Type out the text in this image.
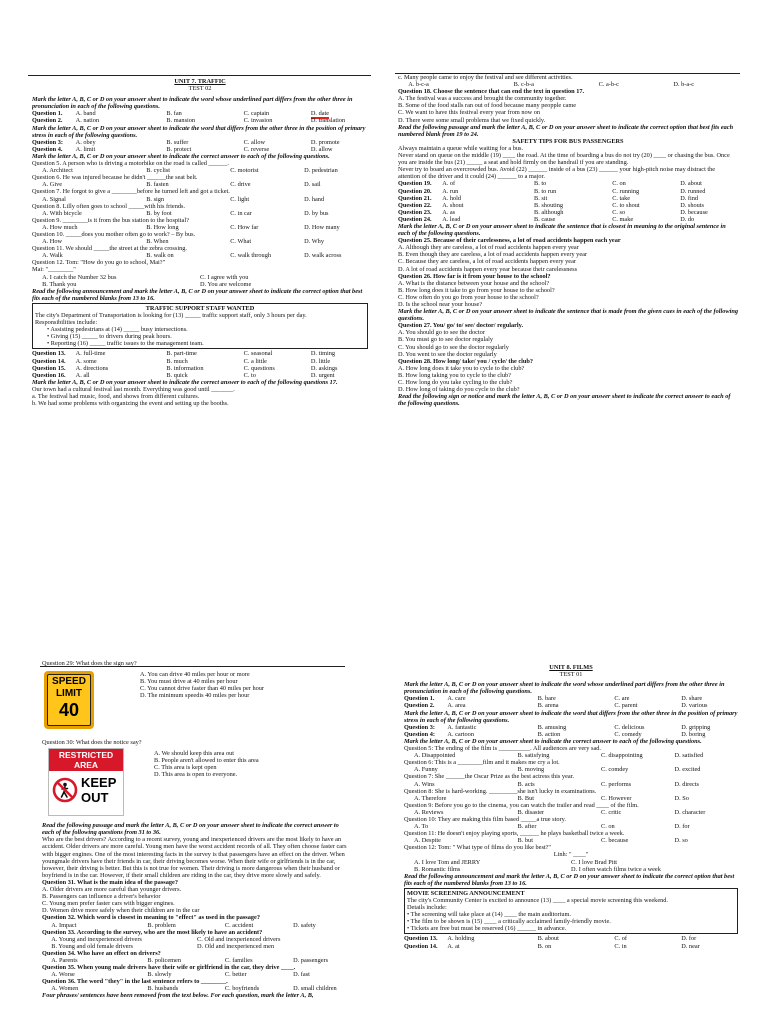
UNIT 7. TRAFFIC
TEST 02
Mark the letter A, B, C or D on your answer sheet to indicate the word whose underlined part differs from the other three in pronunciation in each of the following questions.
Question 1. A. band	B. fan	C. captain	D. date
Question 2. A. nation	B. mansion	C. invasion	D. translation
Mark the letter A, B, C or D on your answer sheet to indicate the word that differs from the other three in the position of primary stress in each of the following questions.
Question 3: A. obey	B. suffer	C. allow	D. promote
Question 4. A. limit	B. protect	C. reverse	D. allow
Mark the letter A, B, C or D on your answer sheet to indicate the correct answer to each of the following questions.
Question 5. A person who is driving a motorbike on the road is called ______.
A. Architect	B. cyclist	C. motorist	D. pedestrian
Question 6. He was injured because he didn't ______the seat belt.
A. Give	B. fasten	C. drive	D. sail
Question 7. He forgot to give a ________before he turned left and got a ticket.
A. Signal	B. sign	C. light	D. hand
Question 8. Lilly often goes to school _____with his friends.
A. With bicycle	B. by foot	C. in car	D. by bus
Question 9. ________is it from the bus station to the hospital?
A. How much	B. How long	C. How far	D. How many
Question 10. _____does you mother often go to work? – By bus.
A. How	B. When	C. What	D. Why
Question 11. We should _____the street at the zebra crossing.
A. Walk	B. walk on	C. walk through	D. walk across
Question 12. Tom: "How do you go to school, Mai?"
Mai: "________"
A. I catch the Number 32 bus	C. I agree with you
B. Thank you	D. You are welcome
Read the following announcement and mark the letter A, B, C or D on your answer sheet to indicate the correct option that best fits each of the numbered blanks from 13 to 16.
TRAFFIC SUPPORT STAFF WANTED
The city's Department of Transportation is looking for (13) _____ traffic support staff, only 3 hours per day.
Responsibilities include:
• Assisting pedestrians at (14) _____ busy intersections.
• Giving (15) _____ to drivers during peak hours.
• Reporting (16) _____ traffic issues to the management team.
Question 13. A. full-time	B. part-time	C. seasonal	D. timing
Question 14. A. some	B. much	C. a little	D. little
Question 15. A. directions	B. information	C. questions	D. askings
Question 16. A. all	B. quick	C. to	D. urgent
Mark the letter A, B, C or D on your answer sheet to indicate the correct answer to each of the following questions 17.
Our town had a cultural festival last month. Everything was good until _______.
a. The festival had music, food, and shows from different cultures.
b. We had some problems with organizing the event and setting up the booths.
c. Many people came to enjoy the festival and see different activities.
A. b-c-a	B. c-b-a	C. a-b-c	D. b-a-c
Question 18. Choose the sentence that can end the text in question 17.
A. The festival was a success and brought the community together.
B. Some of the food stalls ran out of food because many peopple came
C. We want to have this festival every year from now on
D. There were some small problems that we fixed quickly.
Read the following passage and mark the letter A, B, C or D on your answer sheet to indicate the correct option that best fits each numbered blank from 19 to 24.
SAFETY TIPS FOR BUS PASSENGERS
Always maintain a queue while waiting for a bus.
Never stand on queue on the middle (19) ____ the road. At the time of boarding a bus do not try (20) ____ or chasing the bus. Once you are inside the bus (21) _____ a seat and hold firmly on the handrail if you are standing.
Never try to board an overcrowded bus. Avoid (22) ______ inside of a bus (23) ______ your high-pitch noise may distract the attention of the driver and it could (24) ______ to a major.
Question 19. A. of	B. to	C. on	D. about
Question 20. A. run	B. to run	C. running	D. runned
Question 21. A. hold	B. sit	C. take	D. find
Question 22. A. shout	B. shouting	C. to shout	D. shouts
Question 23. A. as	B. although	C. so	D. because
Question 24. A. lead	B. cause	C. make	D. do
Mark the letter A, B, C or D on your answer sheet to indicate the sentence that is closest in meaning to the original sentence in each of the following questions.
Question 25. Because of their carelessness, a lot of road accidents happen each year
A. Although they are careless, a lot of road accidents happen every year
B. Even though they are careless, a lot of road accidents happen every year
C. Because they are careless, a lot of road accidents happen every year
D. A lot of road accidents happen every year because their carelessness
Question 26. How far is it from your house to the school?
A. What is the distance between your house and the school?
B. How long does it take to go from your house to the school?
C. How often do you go from your house to the school?
D. Is the school near your house?
Mark the letter A, B, C or D on your answer sheet to indicate the sentence that is made from the given cues in each of the following questions.
Question 27. You/ go/ to/ see/ doctor/ regularly.
A. You should go to see the doctor
B. You must go to see doctor regulaly
C. You should go to see the doctor regularly
D. You went to see the doctor regularly
Question 28. How long/ take/ you / cycle/ the club?
A. How long does it take you to cycle to the club?
B. How long taking you to cycle to the club?
C. How long do you take cycling to the club?
D. How long of taking do you cycle to the club?
Read the following sign or notice and mark the letter A, B, C or D on your answer sheet to indicate the correct answer to each of the following questions.
Question 29: What does the sign say?
SPEED
LIMIT
40
A. You can drive 40 miles per hour or more
B. You must drive at 40 miles per hour
C. You cannot drive faster than 40 miles per hour
D. The minimum speedis 40 miles per hour
Question 30: What does the notice say?
RESTRICTED
AREA
KEEP
OUT
A. We should keep this area out
B. People aren't allowed to enter this area
C. This area is kept open
D. This area is open to everyone.
Read the following passage and mark the letter A, B, C or D on your answer sheet to indicate the correct answer to each of the following questions from 31 to 36.
Who are the best drivers? According to a recent survey, young and inexperienced drivers are the most likely to have an accident. Older drivers are more careful. Young men have the worst accident records of all. They often choose faster cars with bigger engines. One of the most interesting facts in the survey is that passengers have an effect on the driver. When youngmale drivers have their friends in car, their driving becomes worse. When their wife or girlfriends is in the car, however, their driving is better. But this is not true for women. Their driving is more dangerous when their husband or boyfriend is in the car. However, if their small children are riding in the car, they drive more slowly and safely.
Question 31. What is the main idea of the passage?
A. Older drivers are more careful than younger drivers.
B. Passengers can influence a driver's behavior
C. Young men prefer faster cars with bigger engines.
D. Women drive more safely when their children are in the car
Question 32. Which word is closest in meaning to "effect" as used in the passage?
A. Impact	B. problem	C. accident	D. safety
Question 33. According to the survey, who are the most likely to have an accident?
A. Young and inexperienced drivers	C. Old and inexperienced drivers
B. Young and old female drivers	D. Old and inexperienced men
Question 34. Who have an effect on drivers?
A. Parents	B. policemen	C. families	D. passengers
Question 35. When young male drivers have their wife or girlfriend in the car, they drive ____.
A. Worse	B. slowly	C. better	D. fast
Question 36. The word "they" in the last sentence refers to ________.
A. Women	B. husbands	C. boyfriends	D. small children
Four phrases/ sentences have been removed from the text below. For each question, mark the letter A, B,
UNIT 8. FILMS
TEST 01
Mark the letter A, B, C or D on your answer sheet to indicate the word whose underlined part differs from the other three in pronunciation in each of the following questions.
Question 1. A. care	B. bare	C. are	D. share
Question 2. A. area	B. arena	C. parent	D. various
Mark the letter A, B, C or D on your answer sheet to indicate the word that differs from the other three in the position of primary stress in each of the following questions.
Question 3: A. fantastic	B. amusing	C. delicious	D. gripping
Question 4: A. cartoon	B. action	C. comedy	D. boring
Mark the letter A, B, C or D on your answer sheet to indicate the correct answer to each of the following questions.
Question 5: The ending of the film is __________. All audiences are very sad.
A. Disappointed	B. satisfying	C. disappointing	D. satisfied
Question 6: This is a ________film and it makes me cry a lot.
A. Funny	B. moving	C. comdey	D. excited
Question 7: She ______the Oscar Prize as the best actress this year.
A. Wins	B. acts	C. performs	D. directs
Question 8: She is hard-working. _________she isn't lucky in examinations.
A. Therefore	B. But	C. However	D. So
Question 9: Before you go to the cinema, you can watch the trailer and read ____ of the film.
A. Reviews	B. disaster	C. critic	D. character
Question 10: They are making this film based _____a true story.
A. To	B. after	C. on	D. for
Question 11: He doesn't enjoy playing sports, ______ he plays basketball twice a week.
A. Despite	B. but	C. because	D. so
Question 12: Tom: " What type of films do you like best?"
Linh: " ____"
A. I love Tom and JERRY	C. I love Brad Pitt
B. Romantic films	D. I often watch films twice a week
Read the following announcement and mark the letter A, B, C or D on your answer sheet to indicate the correct option that best fits each of the numbered blanks from 13 to 16.
MOVIE SCREENING ANNOUNCEMENT
The city's Community Center is excited to announce (13) ____ a special movie screening this weekend.
Details include:
• The screening will take place at (14) ____ the main auditorium.
• The film to be shown is (15) ____ a critically acclaimed family-friendly movie.
• Tickets are free but must be reserved (16) ______ in advance.
Question 13. A. holding	B. about	C. of	D. for
Question 14. A. at	B. on	C. in	D. near
